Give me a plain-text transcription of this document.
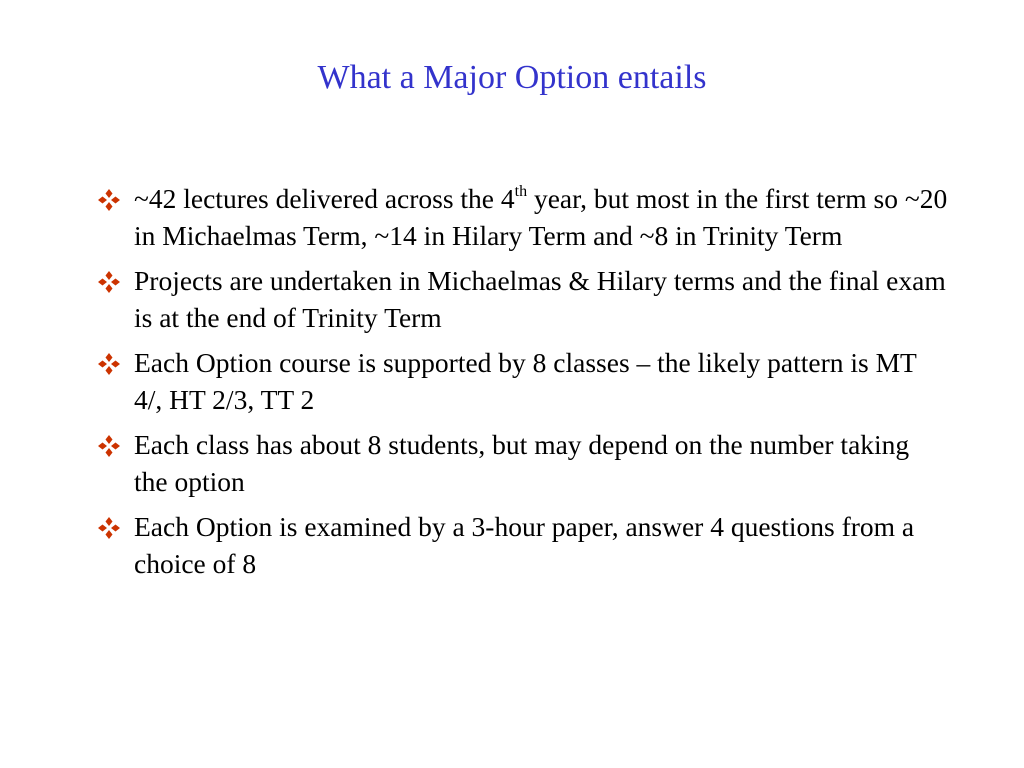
What a Major Option entails
~42 lectures delivered across the 4th year, but most in the first term so ~20 in Michaelmas Term, ~14 in Hilary Term and ~8 in Trinity Term
Projects are undertaken in Michaelmas & Hilary terms and the final exam is at the end of Trinity Term
Each Option course is supported by 8 classes – the likely pattern is MT 4/, HT 2/3, TT 2
Each class has about 8 students, but may depend on the number taking the option
Each Option is examined by a 3-hour paper, answer 4 questions from a choice of 8
